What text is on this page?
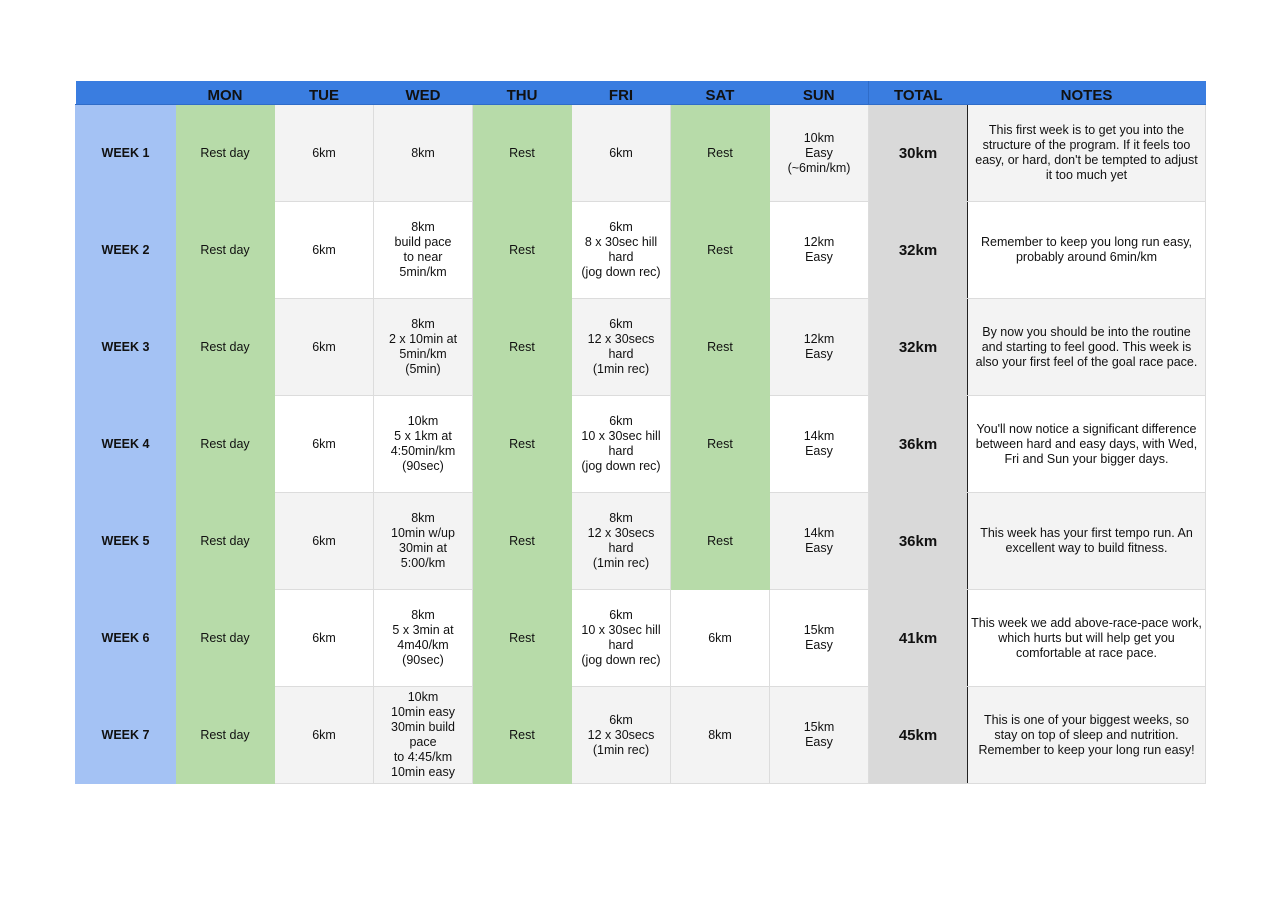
	MON	TUE	WED	THU	FRI	SAT	SUN	TOTAL	NOTES
WEEK 1	Rest day	6km	8km	Rest	6km	Rest	10km
Easy
(~6min/km)	30km	This first week is to get you into the structure of the program. If it feels too easy, or hard, don't be tempted to adjust it too much yet
WEEK 2	Rest day	6km	8km
build pace
to near
5min/km	Rest	6km
8 x 30sec hill
hard
(jog down rec)	Rest	12km
Easy	32km	Remember to keep you long run easy, probably around 6min/km
WEEK 3	Rest day	6km	8km
2 x 10min at
5min/km
(5min)	Rest	6km
12 x 30secs
hard
(1min rec)	Rest	12km
Easy	32km	By now you should be into the routine and starting to feel good. This week is also your first feel of the goal race pace.
WEEK 4	Rest day	6km	10km
5 x 1km at
4:50min/km
(90sec)	Rest	6km
10 x 30sec hill
hard
(jog down rec)	Rest	14km
Easy	36km	You'll now notice a significant difference between hard and easy days, with Wed, Fri and Sun your bigger days.
WEEK 5	Rest day	6km	8km
10min w/up
30min at 5:00/km	Rest	8km
12 x 30secs
hard
(1min rec)	Rest	14km
Easy	36km	This week has your first tempo run. An excellent way to build fitness.
WEEK 6	Rest day	6km	8km
5 x 3min at
4m40/km
(90sec)	Rest	6km
10 x 30sec hill
hard
(jog down rec)	6km	15km
Easy	41km	This week we add above-race-pace work, which hurts but will help get you comfortable at race pace.
WEEK 7	Rest day	6km	10km
10min easy
30min build pace
to 4:45/km
10min easy	Rest	6km
12 x 30secs
(1min rec)	8km	15km
Easy	45km	This is one of your biggest weeks, so stay on top of sleep and nutrition. Remember to keep your long run easy!
